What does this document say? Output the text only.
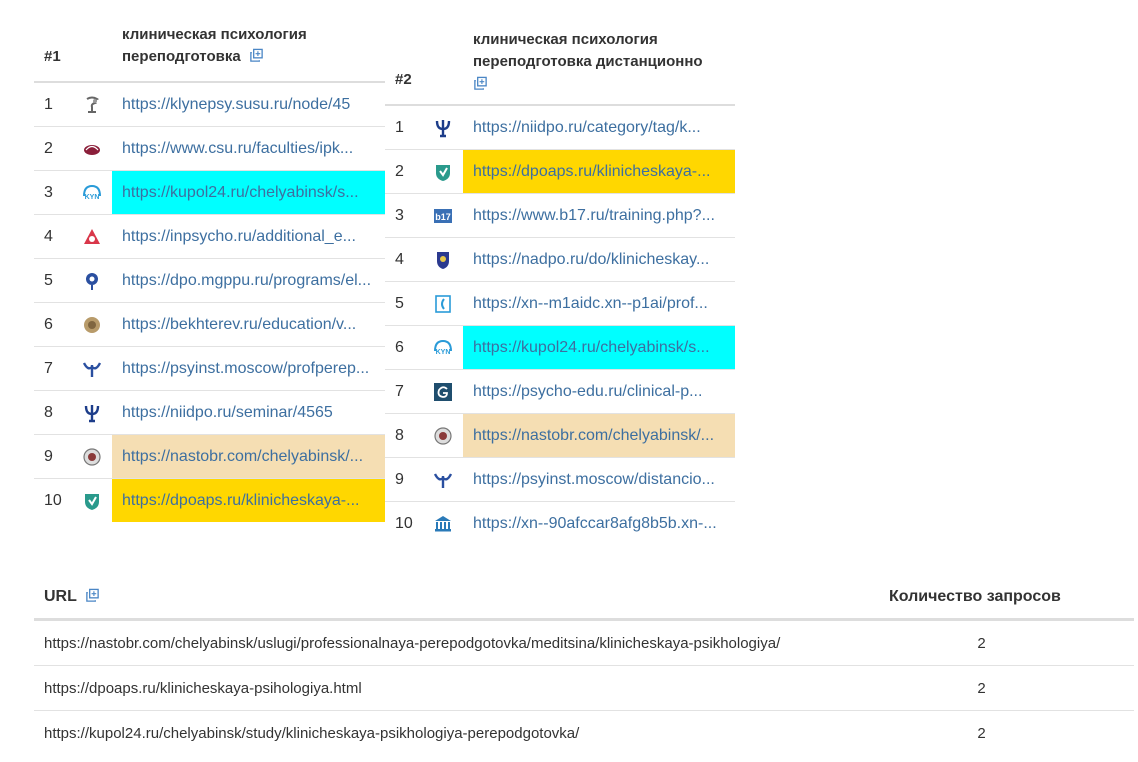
#1		клиническая психология переподготовка
1		https://klynepsy.susu.ru/node/45
2		https://www.csu.ru/faculties/ipk...
3		https://kupol24.ru/chelyabinsk/s...
4		https://inpsycho.ru/additional_e...
5		https://dpo.mgppu.ru/programs/el...
6		https://bekhterev.ru/education/v...
7		https://psyinst.moscow/profperep...
8		https://niidpo.ru/seminar/4565
9		https://nastobr.com/chelyabinsk/...
10		https://dpoaps.ru/klinicheskaya-...
#2		клиническая психология переподготовка дистанционно

1		https://niidpo.ru/category/tag/k...
2		https://dpoaps.ru/klinicheskaya-...
3		https://www.b17.ru/training.php?...
4		https://nadpo.ru/do/klinicheskay...
5		https://xn--m1aidc.xn--p1ai/prof...
6		https://kupol24.ru/chelyabinsk/s...
7		https://psycho-edu.ru/clinical-p...
8		https://nastobr.com/chelyabinsk/...
9		https://psyinst.moscow/distancio...
10		https://xn--90afccar8afg8b5b.xn-...
URL	Количество запросов
https://nastobr.com/chelyabinsk/uslugi/professionalnaya-perepodgotovka/meditsina/klinicheskaya-psikhologiya/	2
https://dpoaps.ru/klinicheskaya-psihologiya.html	2
https://kupol24.ru/chelyabinsk/study/klinicheskaya-psikhologiya-perepodgotovka/	2
